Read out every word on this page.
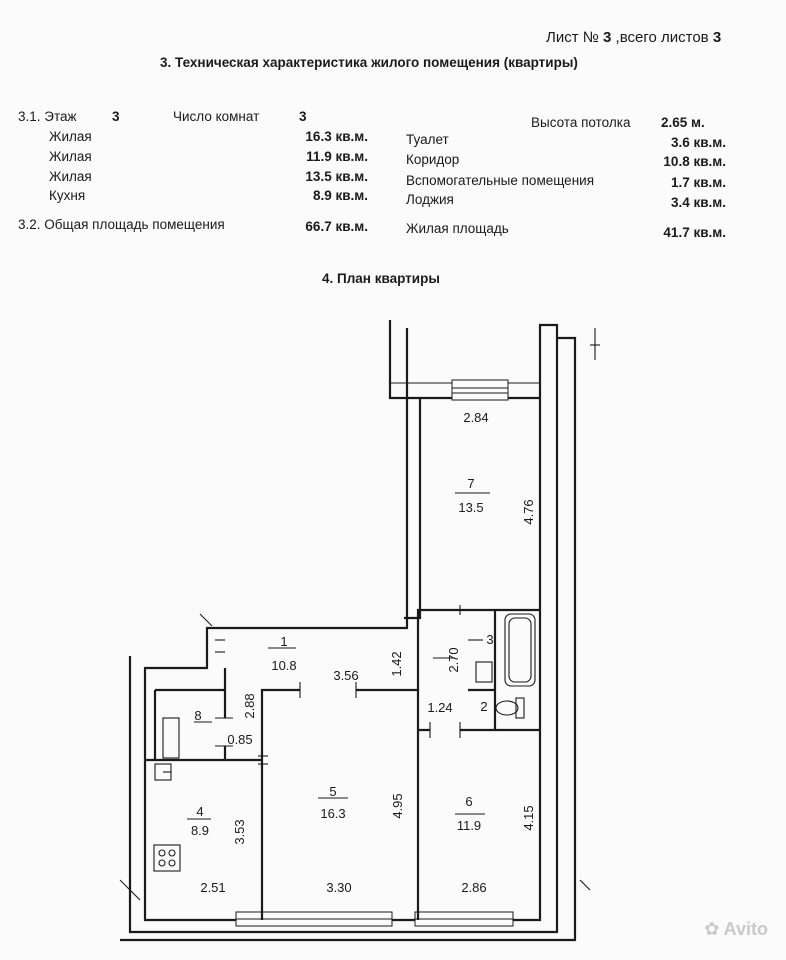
Лист № 3 ,всего листов 3
3. Техническая характеристика жилого помещения (квартиры)
3.1. Этаж	3	Число комнат	3	Высота потолка 2.65 м.
Жилая	16.3 кв.м.
Жилая	11.9 кв.м.
Жилая	13.5 кв.м.
Кухня	8.9 кв.м.
Туалет	3.6 кв.м.
Коридор	10.8 кв.м.
Вспомогательные помещения	1.7 кв.м.
Лоджия	3.4 кв.м.
3.2. Общая площадь помещения	66.7 кв.м.	Жилая площадь	41.7 кв.м.
4. План квартиры
7
13.5
1
10.8
3
2
8
5
16.3
6
11.9
4
8.9
2.84
4.76
3.56 1.42	2.70
1.24
2.88
0.85
3.53
2.51
4.95
3.30	2.86
4.15
✿ Avito
